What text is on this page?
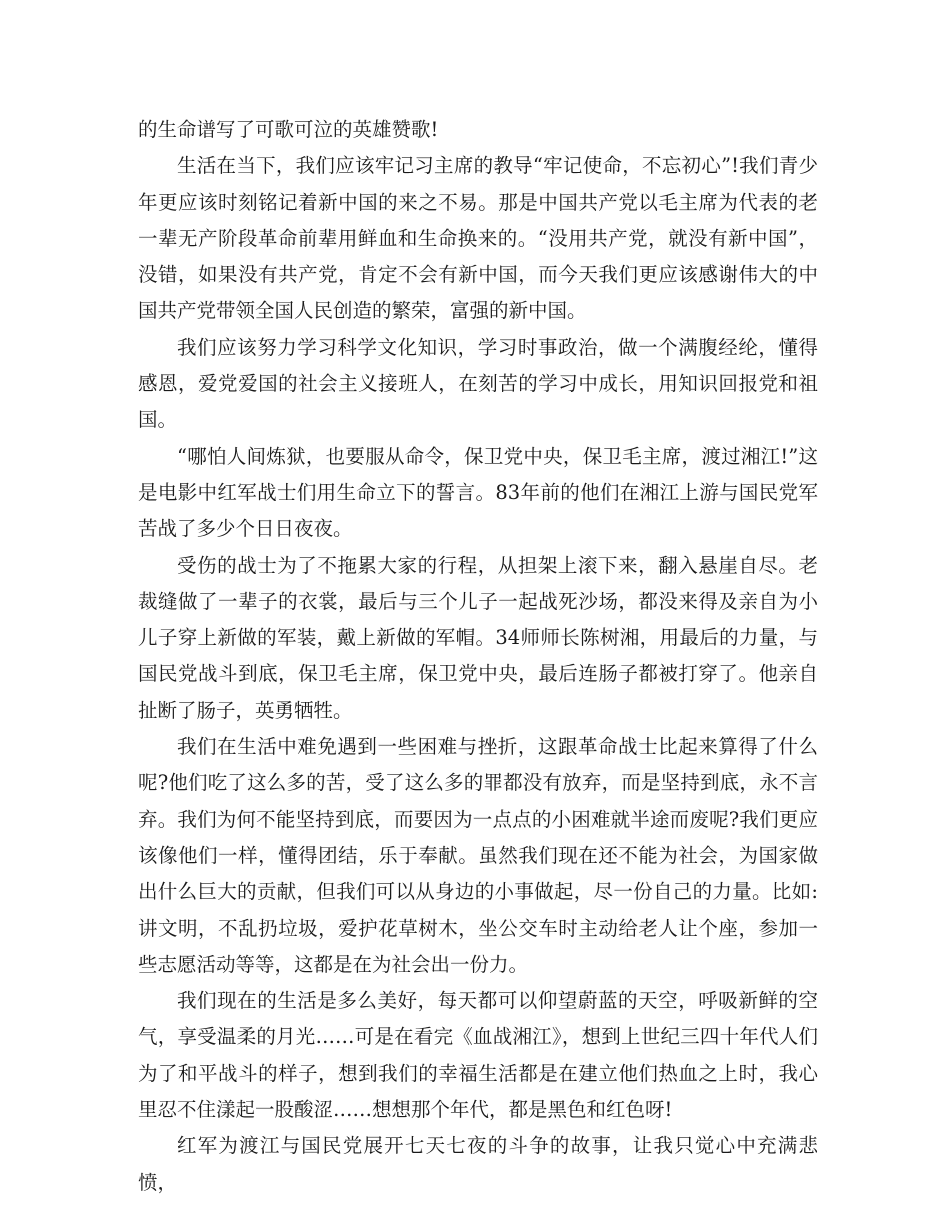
的生命谱写了可歌可泣的英雄赞歌!

生活在当下，我们应该牢记习主席的教导“牢记使命，不忘初心”!我们青少年更应该时刻铭记着新中国的来之不易。那是中国共产党以毛主席为代表的老一辈无产阶段革命前辈用鲜血和生命换来的。“没用共产党，就没有新中国”，没错，如果没有共产党，肯定不会有新中国，而今天我们更应该感谢伟大的中国共产党带领全国人民创造的繁荣，富强的新中国。

我们应该努力学习科学文化知识，学习时事政治，做一个满腹经纶，懂得感恩，爱党爱国的社会主义接班人，在刻苦的学习中成长，用知识回报党和祖国。

“哪怕人间炼狱，也要服从命令，保卫党中央，保卫毛主席，渡过湘江!”这是电影中红军战士们用生命立下的誓言。83年前的他们在湘江上游与国民党军苦战了多少个日日夜夜。

受伤的战士为了不拖累大家的行程，从担架上滚下来，翻入悬崖自尽。老裁缝做了一辈子的衣裳，最后与三个儿子一起战死沙场，都没来得及亲自为小儿子穿上新做的军装，戴上新做的军帽。34师师长陈树湘，用最后的力量，与国民党战斗到底，保卫毛主席，保卫党中央，最后连肠子都被打穿了。他亲自扯断了肠子，英勇牺牲。

我们在生活中难免遇到一些困难与挫折，这跟革命战士比起来算得了什么呢?他们吃了这么多的苦，受了这么多的罪都没有放弃，而是坚持到底，永不言弃。我们为何不能坚持到底，而要因为一点点的小困难就半途而废呢?我们更应该像他们一样，懂得团结，乐于奉献。虽然我们现在还不能为社会，为国家做出什么巨大的贡献，但我们可以从身边的小事做起，尽一份自己的力量。比如:讲文明，不乱扔垃圾，爱护花草树木，坐公交车时主动给老人让个座，参加一些志愿活动等等，这都是在为社会出一份力。

我们现在的生活是多么美好，每天都可以仰望蔚蓝的天空，呼吸新鲜的空气，享受温柔的月光……可是在看完《血战湘江》，想到上世纪三四十年代人们为了和平战斗的样子，想到我们的幸福生活都是在建立他们热血之上时，我心里忍不住漾起一股酸涩……想想那个年代，都是黑色和红色呀!

红军为渡江与国民党展开七天七夜的斗争的故事，让我只觉心中充满悲愤，
